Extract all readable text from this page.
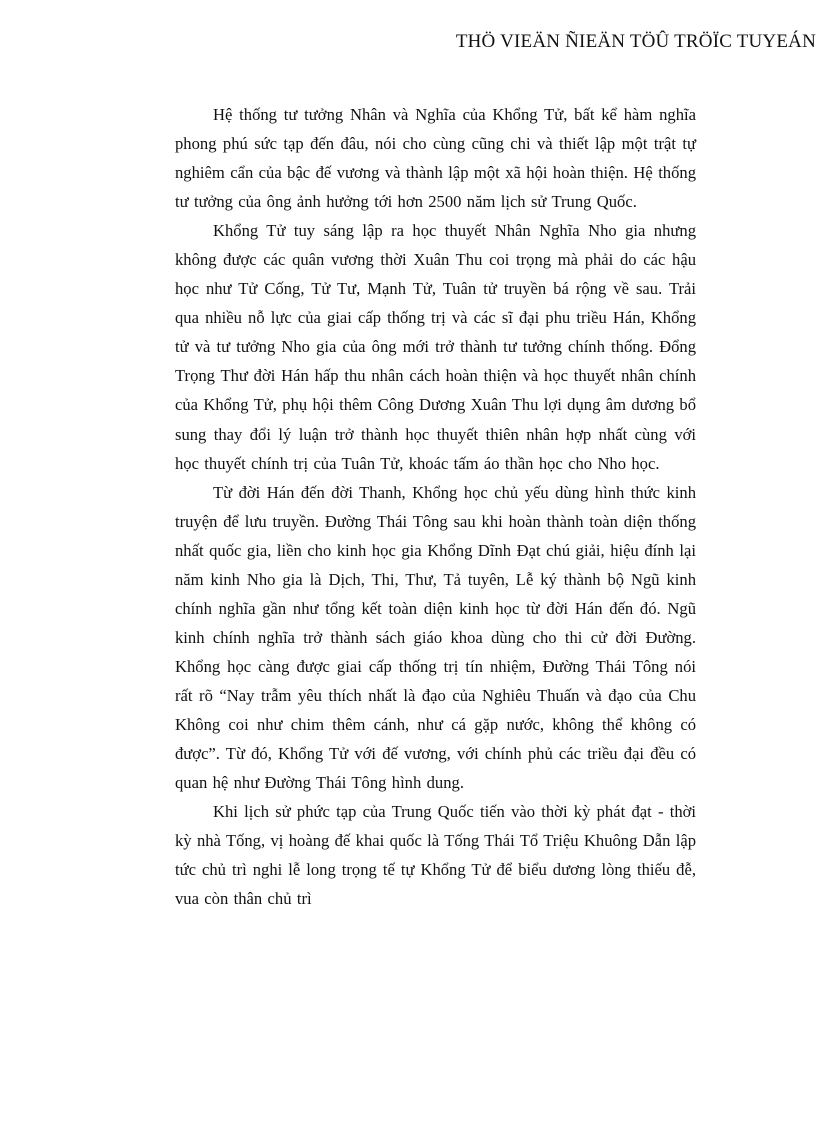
THÖ VIEÄN ÑIEÄN TÖÛ TRÖÏC TUYEÁN

Hệ thống tư tưởng Nhân và Nghĩa của Khổng Tử, bất kể hàm nghĩa phong phú sức tạp đến đâu, nói cho cùng cũng chi và thiết lập một trật tự nghiêm cẩn của bậc đế vương và thành lập một xã hội hoàn thiện. Hệ thống tư tưởng của ông ảnh hưởng tới hơn 2500 năm lịch sử Trung Quốc.

Khổng Tử tuy sáng lập ra học thuyết Nhân Nghĩa Nho gia nhưng không được các quân vương thời Xuân Thu coi trọng mà phải do các hậu học như Tử Cống, Tử Tư, Mạnh Tử, Tuân tử truyền bá rộng về sau. Trải qua nhiều nỗ lực của giai cấp thống trị và các sĩ đại phu triều Hán, Khổng tử và tư tưởng Nho gia của ông mới trở thành tư tưởng chính thống. Đổng Trọng Thư đời Hán hấp thu nhân cách hoàn thiện và học thuyết nhân chính của Khổng Tử, phụ hội thêm Công Dương Xuân Thu lợi dụng âm dương bổ sung thay đổi lý luận trở thành học thuyết thiên nhân hợp nhất cùng với học thuyết chính trị của Tuân Tử, khoác tấm áo thần học cho Nho học.

Từ đời Hán đến đời Thanh, Khổng học chủ yếu dùng hình thức kinh truyện để lưu truyền. Đường Thái Tông sau khi hoàn thành toàn diện thống nhất quốc gia, liền cho kinh học gia Khổng Dĩnh Đạt chú giải, hiệu đính lại năm kinh Nho gia là Dịch, Thi, Thư, Tả tuyên, Lễ ký thành bộ Ngũ kinh chính nghĩa gần như tổng kết toàn diện kinh học từ đời Hán đến đó. Ngũ kinh chính nghĩa trở thành sách giáo khoa dùng cho thi cử đời Đường. Khổng học càng được giai cấp thống trị tín nhiệm, Đường Thái Tông nói rất rõ “Nay trẫm yêu thích nhất là đạo của Nghiêu Thuấn và đạo của Chu Không coi như chim thêm cánh, như cá gặp nước, không thể không có được”. Từ đó, Khổng Tử với đế vương, với chính phủ các triều đại đều có quan hệ như Đường Thái Tông hình dung.

Khi lịch sử phức tạp của Trung Quốc tiến vào thời kỳ phát đạt - thời kỳ nhà Tống, vị hoàng đế khai quốc là Tống Thái Tổ Triệu Khuông Dẫn lập tức chủ trì nghi lễ long trọng tế tự Khổng Tử để biểu dương lòng thiếu đễ, vua còn thân chủ trì
